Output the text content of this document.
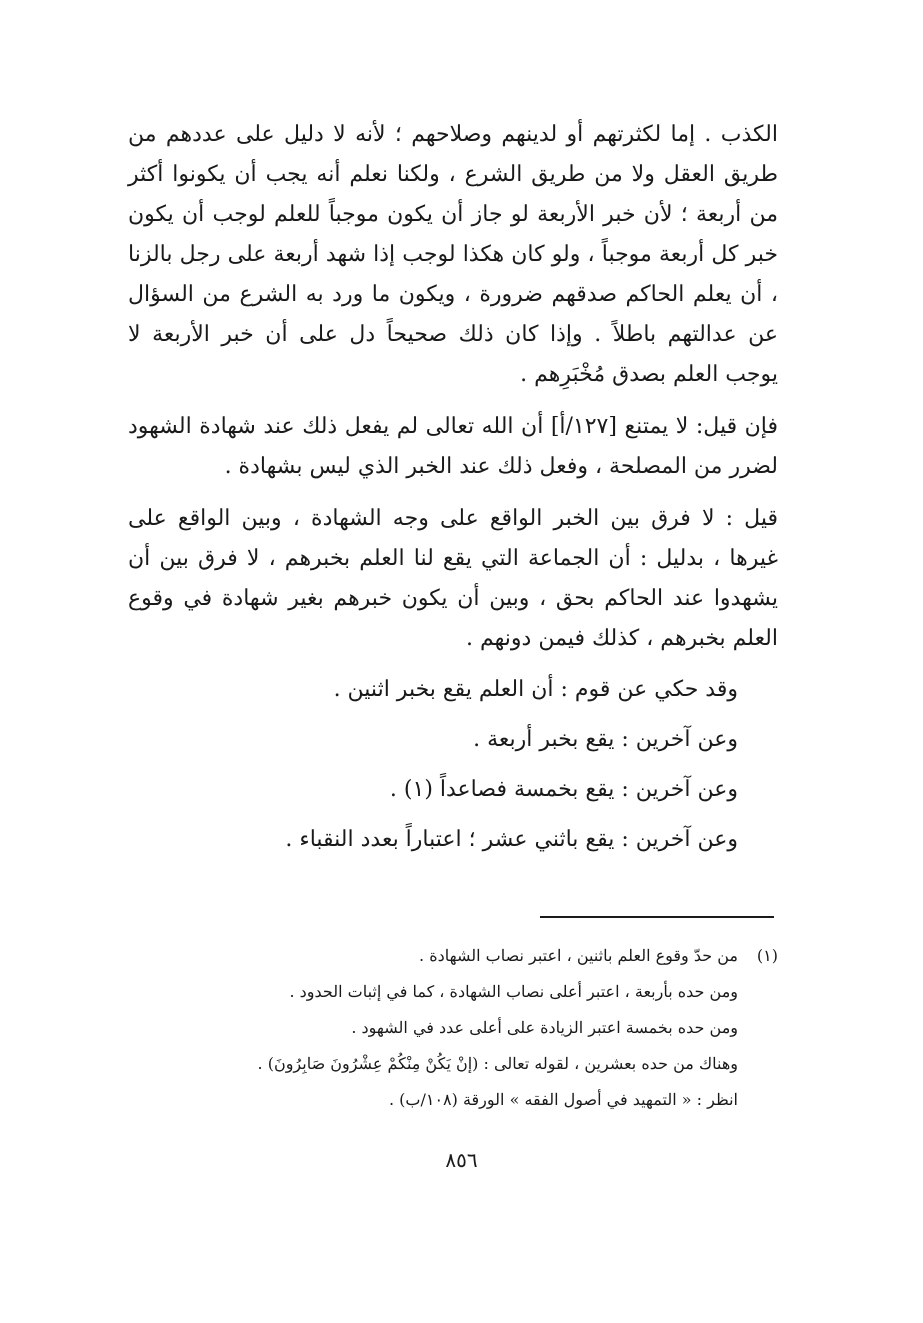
الكذب . إما لكثرتهم أو لدينهم وصلاحهم ؛ لأنه لا دليل على عددهم من طريق العقل ولا من طريق الشرع ، ولكنا نعلم أنه يجب أن يكونوا أكثر من أربعة ؛ لأن خبر الأربعة لو جاز أن يكون موجباً للعلم لوجب أن يكون خبر كل أربعة موجباً ، ولو كان هكذا لوجب إذا شهد أربعة على رجل بالزنا ، أن يعلم الحاكم صدقهم ضرورة ، ويكون ما ورد به الشرع من السؤال عن عدالتهم باطلاً . وإذا كان ذلك صحيحاً دل على أن خبر الأربعة لا يوجب العلم بصدق مُخْبَرِهم .

فإن قيل: لا يمتنع [١٢٧/أ] أن الله تعالى لم يفعل ذلك عند شهادة الشهود لضرر من المصلحة ، وفعل ذلك عند الخبر الذي ليس بشهادة .

قيل : لا فرق بين الخبر الواقع على وجه الشهادة ، وبين الواقع على غيرها ، بدليل : أن الجماعة التي يقع لنا العلم بخبرهم ، لا فرق بين أن يشهدوا عند الحاكم بحق ، وبين أن يكون خبرهم بغير شهادة في وقوع العلم بخبرهم ، كذلك فيمن دونهم .

وقد حكي عن قوم : أن العلم يقع بخبر اثنين .
وعن آخرين : يقع بخبر أربعة .
وعن آخرين : يقع بخمسة فصاعداً (١) .
وعن آخرين : يقع باثني عشر ؛ اعتباراً بعدد النقباء .
(١)من حدّ وقوع العلم باثنين ، اعتبر نصاب الشهادة .
ومن حده بأربعة ، اعتبر أعلى نصاب الشهادة ، كما في إثبات الحدود .
ومن حده بخمسة اعتبر الزيادة على أعلى عدد في الشهود .
وهناك من حده بعشرين ، لقوله تعالى : (إنْ يَكُنْ مِنْكُمْ عِشْرُونَ صَابِرُونَ) .
انظر : « التمهيد في أصول الفقه » الورقة (١٠٨/ب) .
٨٥٦
